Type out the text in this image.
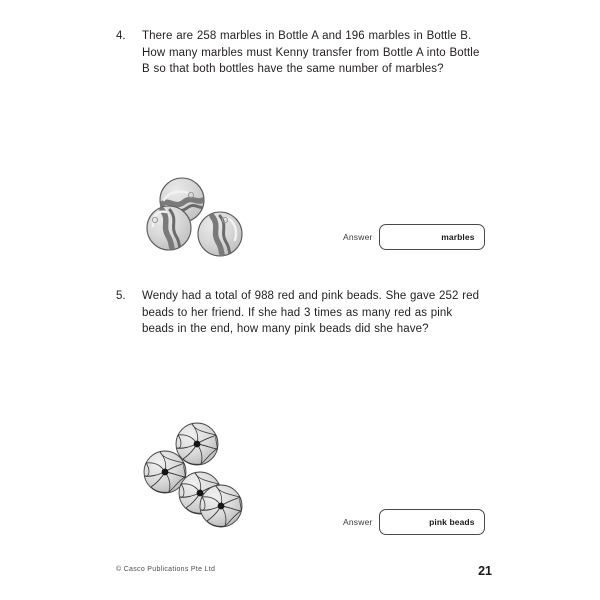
4.	There are 258 marbles in Bottle A and 196 marbles in Bottle B. How many marbles must Kenny transfer from Bottle A into Bottle B so that both bottles have the same number of marbles?
Answer	marbles
5.	Wendy had a total of 988 red and pink beads. She gave 252 red beads to her friend. If she had 3 times as many red as pink beads in the end, how many pink beads did she have?
Answer	pink beads
© Casco Publications Pte Ltd	21
